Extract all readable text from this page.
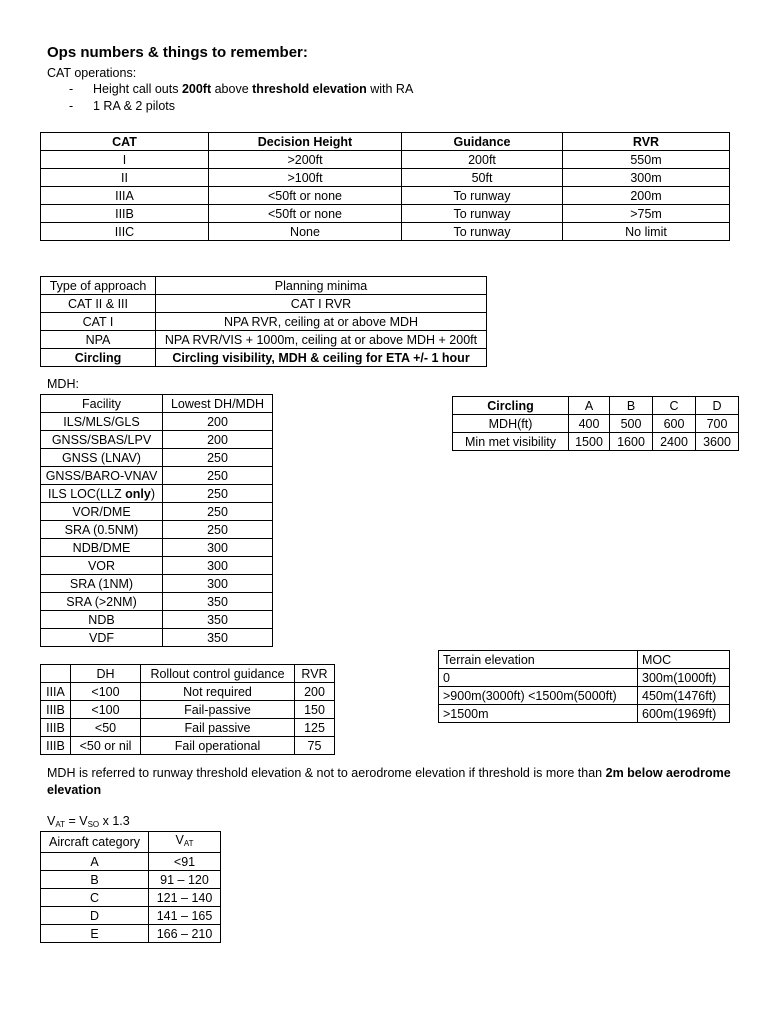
Ops numbers & things to remember:
CAT operations:
- Height call outs 200ft above threshold elevation with RA
- 1 RA & 2 pilots
CAT	Decision Height	Guidance	RVR
I	>200ft	200ft	550m
II	>100ft	50ft	300m
IIIA	<50ft or none	To runway	200m
IIIB	<50ft or none	To runway	>75m
IIIC	None	To runway	No limit
Type of approach	Planning minima
CAT II & III	CAT I RVR
CAT I	NPA RVR, ceiling at or above MDH
NPA	NPA RVR/VIS + 1000m, ceiling at or above MDH + 200ft
Circling	Circling visibility, MDH & ceiling for ETA +/- 1 hour
MDH:
Facility	Lowest DH/MDH
ILS/MLS/GLS	200
GNSS/SBAS/LPV	200
GNSS (LNAV)	250
GNSS/BARO-VNAV	250
ILS LOC(LLZ only)	250
VOR/DME	250
SRA (0.5NM)	250
NDB/DME	300
VOR	300
SRA (1NM)	300
SRA (>2NM)	350
NDB	350
VDF	350
Circling	A	B	C	D
MDH(ft)	400	500	600	700
Min met visibility	1500	1600	2400	3600
Terrain elevation	MOC
0	300m(1000ft)
>900m(3000ft) <1500m(5000ft)	450m(1476ft)
>1500m	600m(1969ft)
	DH	Rollout control guidance	RVR
IIIA	<100	Not required	200
IIIB	<100	Fail-passive	150
IIIB	<50	Fail passive	125
IIIB	<50 or nil	Fail operational	75
MDH is referred to runway threshold elevation & not to aerodrome elevation if threshold is more than 2m below aerodrome elevation
$V_{AT} = V_{SO}$ x 1.3
Aircraft category	$V_{AT}$
A	<91
B	91 – 120
C	121 – 140
D	141 – 165
E	166 – 210
